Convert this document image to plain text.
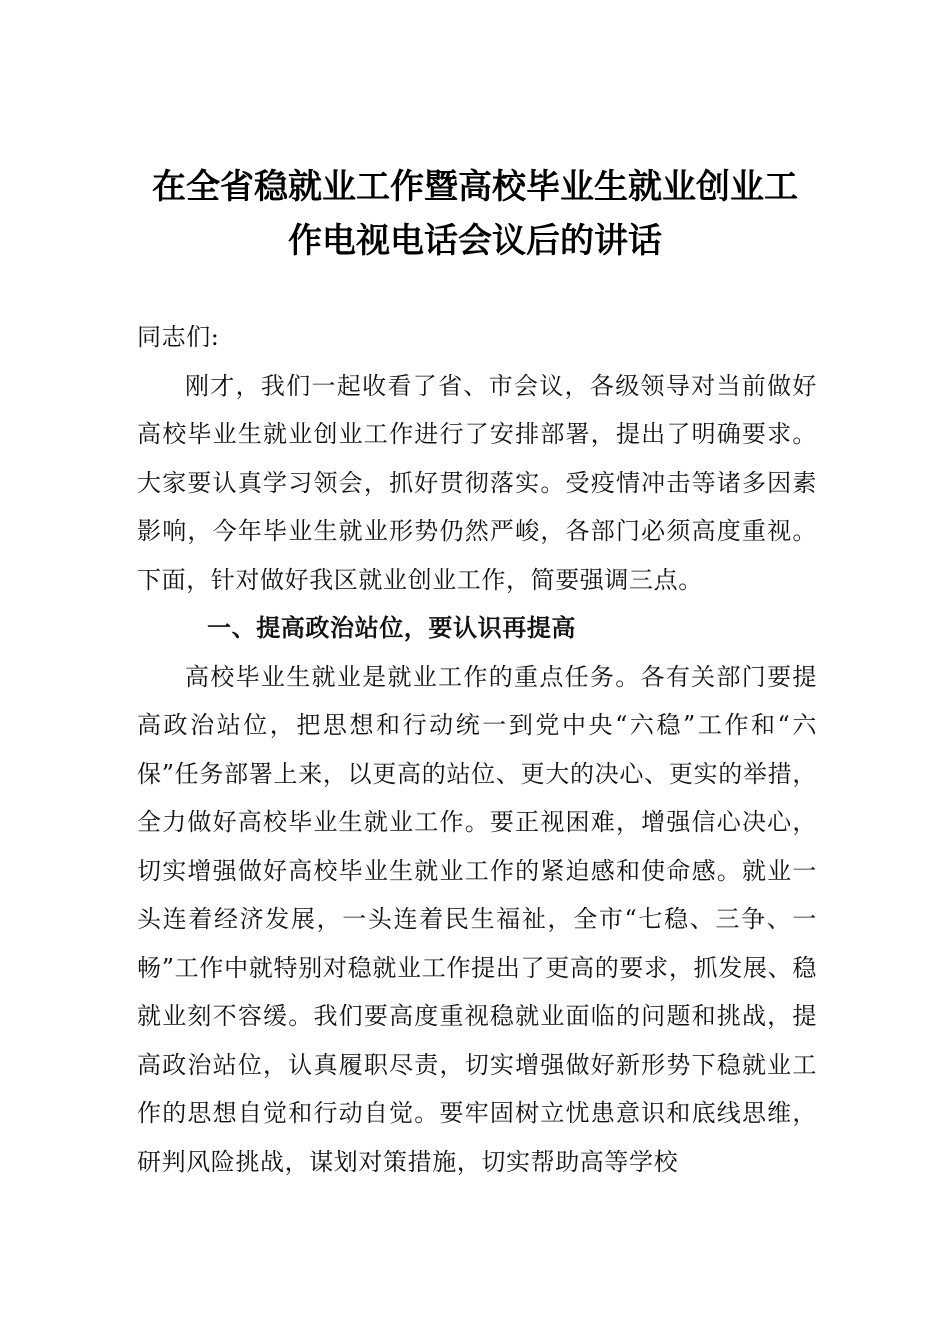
在全省稳就业工作暨高校毕业生就业创业工
作电视电话会议后的讲话

同志们:

刚才，我们一起收看了省、市会议，各级领导对当前做好高校毕业生就业创业工作进行了安排部署，提出了明确要求。大家要认真学习领会，抓好贯彻落实。受疫情冲击等诸多因素影响，今年毕业生就业形势仍然严峻，各部门必须高度重视。下面，针对做好我区就业创业工作，简要强调三点。

一、提高政治站位，要认识再提高

高校毕业生就业是就业工作的重点任务。各有关部门要提高政治站位，把思想和行动统一到党中央“六稳”工作和“六保”任务部署上来，以更高的站位、更大的决心、更实的举措，全力做好高校毕业生就业工作。要正视困难，增强信心决心，切实增强做好高校毕业生就业工作的紧迫感和使命感。就业一头连着经济发展，一头连着民生福祉，全市“七稳、三争、一畅”工作中就特别对稳就业工作提出了更高的要求，抓发展、稳就业刻不容缓。我们要高度重视稳就业面临的问题和挑战，提高政治站位，认真履职尽责，切实增强做好新形势下稳就业工作的思想自觉和行动自觉。要牢固树立忧患意识和底线思维，研判风险挑战，谋划对策措施，切实帮助高等学校
